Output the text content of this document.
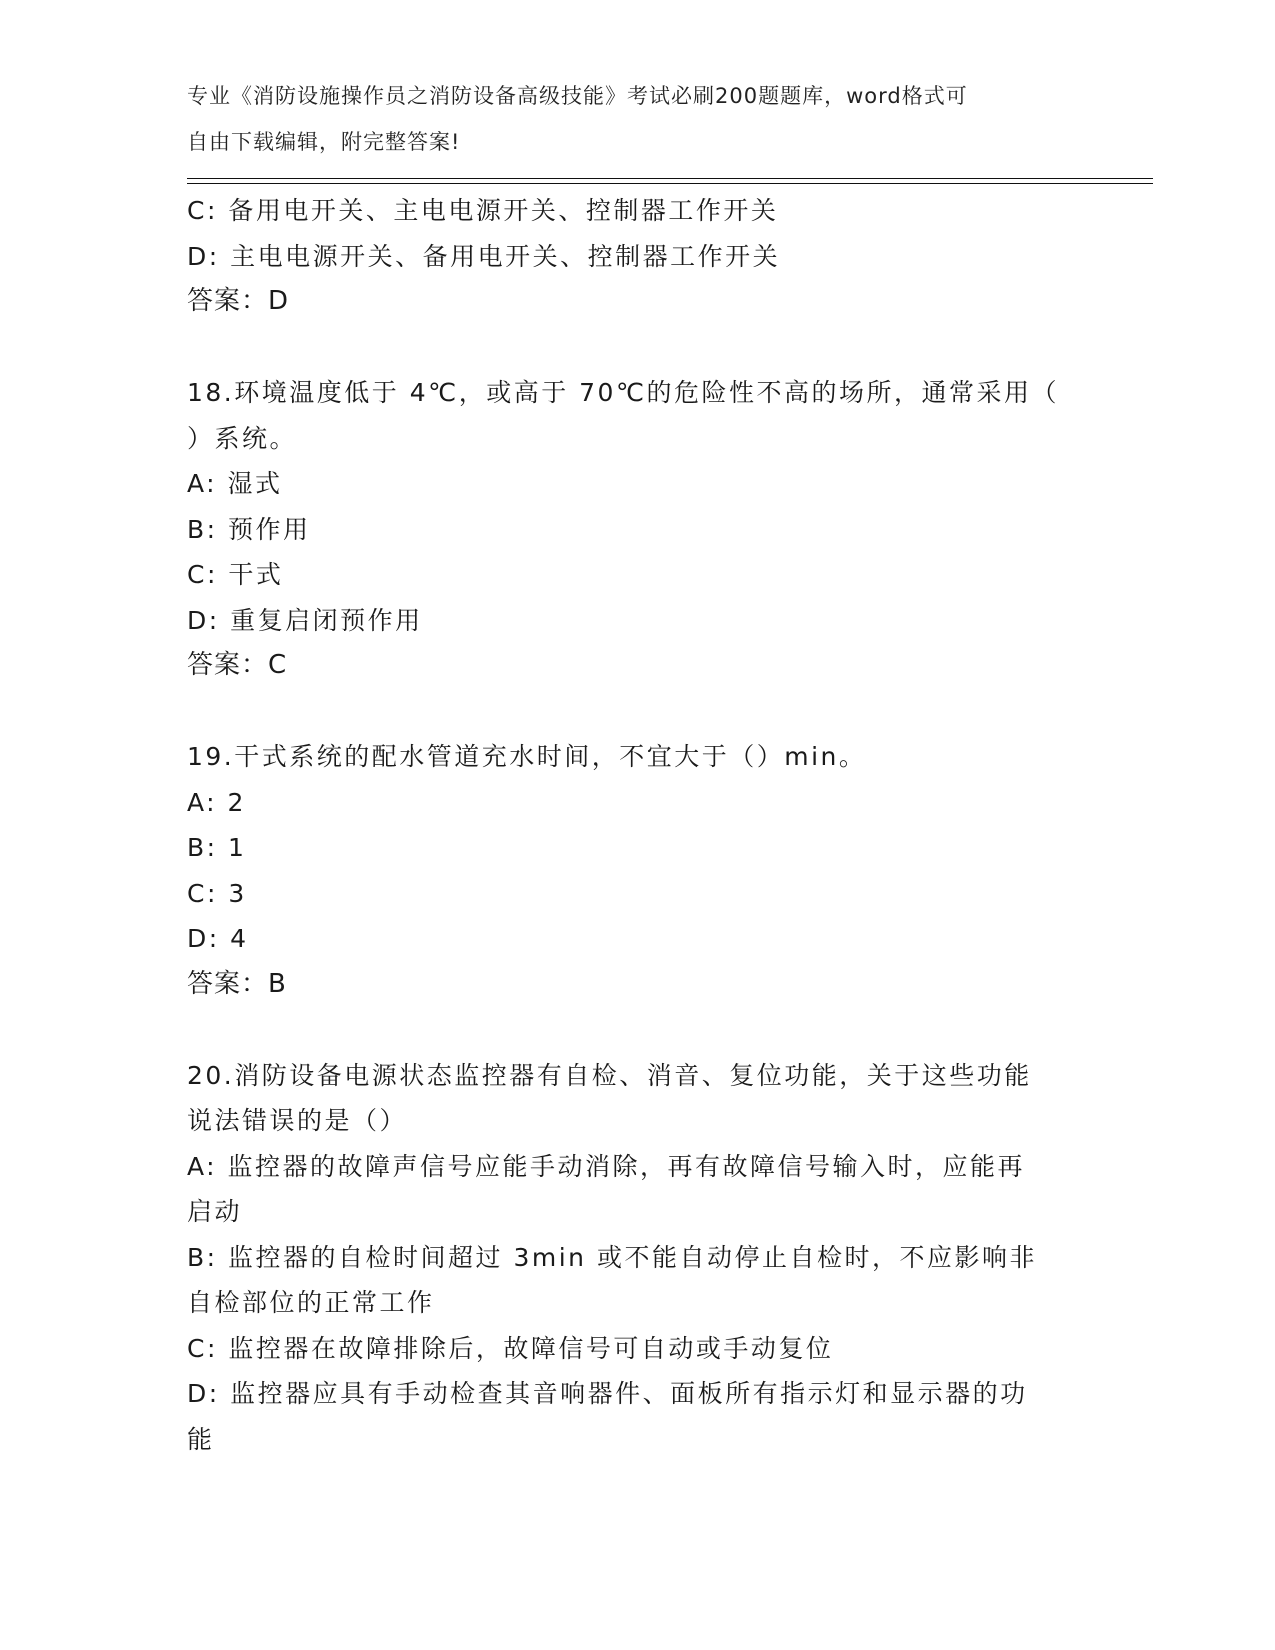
专业《消防设施操作员之消防设备高级技能》考试必刷200题题库，word格式可
自由下载编辑，附完整答案!
C: 备用电开关、主电电源开关、控制器工作开关
D: 主电电源开关、备用电开关、控制器工作开关
答案：D
18.环境温度低于 4℃，或高于 70℃的危险性不高的场所，通常采用（
）系统。
A: 湿式
B: 预作用
C: 干式
D: 重复启闭预作用
答案：C
19.干式系统的配水管道充水时间，不宜大于（）min。
A: 2
B: 1
C: 3
D: 4
答案：B
20.消防设备电源状态监控器有自检、消音、复位功能，关于这些功能
说法错误的是（）
A: 监控器的故障声信号应能手动消除，再有故障信号输入时，应能再
启动
B: 监控器的自检时间超过 3min 或不能自动停止自检时，不应影响非
自检部位的正常工作
C: 监控器在故障排除后，故障信号可自动或手动复位
D: 监控器应具有手动检查其音响器件、面板所有指示灯和显示器的功
能
